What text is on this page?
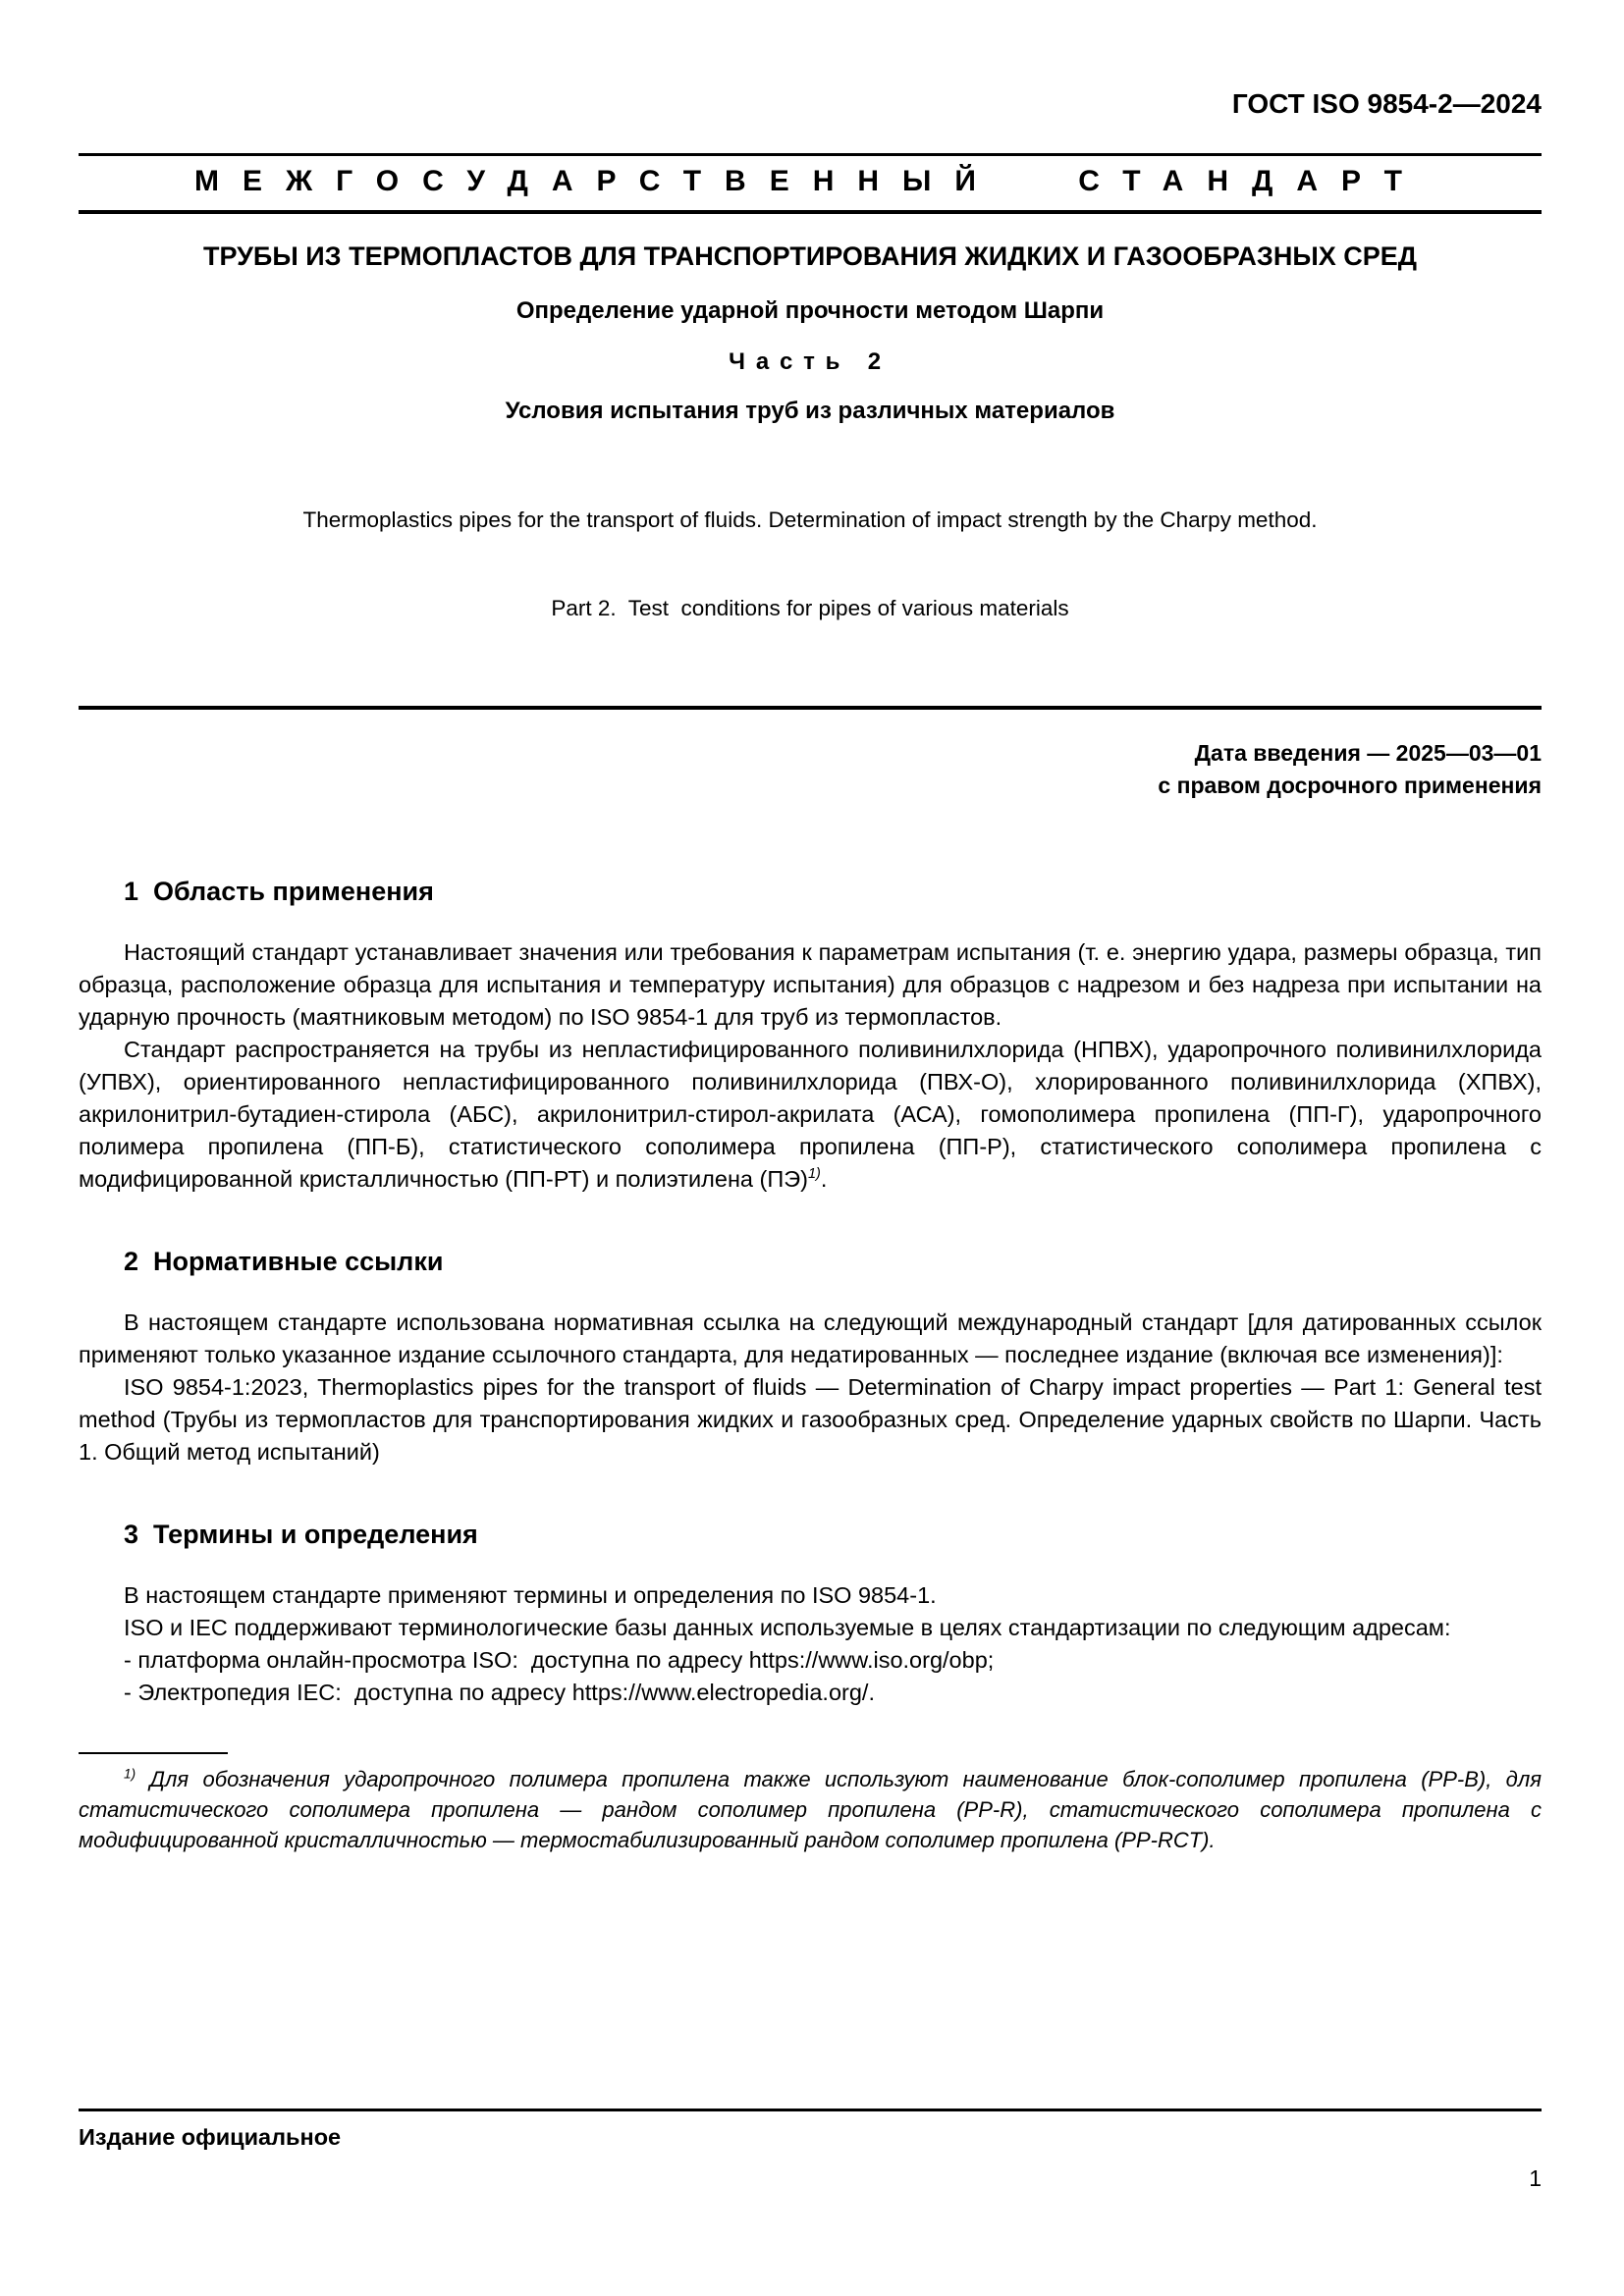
ГОСТ ISO 9854-2—2024
МЕЖГОСУДАРСТВЕННЫЙ СТАНДАРТ
ТРУБЫ ИЗ ТЕРМОПЛАСТОВ ДЛЯ ТРАНСПОРТИРОВАНИЯ ЖИДКИХ И ГАЗООБРАЗНЫХ СРЕД
Определение ударной прочности методом Шарпи
Часть 2
Условия испытания труб из различных материалов

Thermoplastics pipes for the transport of fluids. Determination of impact strength by the Charpy method.

Part 2.  Test  conditions for pipes of various materials

Дата введения — 2025—03—01
с правом досрочного применения
1  Область применения

Настоящий стандарт устанавливает значения или требования к параметрам испытания (т. е. энергию удара, размеры образца, тип образца, расположение образца для испытания и температуру испытания) для образцов с надрезом и без надреза при испытании на ударную прочность (маятниковым методом) по ISO 9854-1 для труб из термопластов.

Стандарт распространяется на трубы из непластифицированного поливинилхлорида (НПВХ), ударопрочного поливинилхлорида (УПВХ), ориентированного непластифицированного поливинилхлорида (ПВХ-О), хлорированного поливинилхлорида (ХПВХ), акрилонитрил-бутадиен-стирола (АБС), акрилонитрил-стирол-акрилата (АСА), гомополимера пропилена (ПП-Г), ударопрочного полимера пропилена (ПП-Б), статистического сополимера пропилена (ПП-Р), статистического сополимера пропилена с модифицированной кристалличностью (ПП-РТ) и полиэтилена (ПЭ)$^{1)}$.

2  Нормативные ссылки

В настоящем стандарте использована нормативная ссылка на следующий международный стандарт [для датированных ссылок применяют только указанное издание ссылочного стандарта, для недатированных — последнее издание (включая все изменения)]:

ISO 9854-1:2023, Thermoplastics pipes for the transport of fluids — Determination of Charpy impact properties — Part 1: General test method (Трубы из термопластов для транспортирования жидких и газообразных сред. Определение ударных свойств по Шарпи. Часть 1. Общий метод испытаний)

3  Термины и определения

В настоящем стандарте применяют термины и определения по ISO 9854-1.

ISO и IEC поддерживают терминологические базы данных используемые в целях стандартизации по следующим адресам:

- платформа онлайн-просмотра ISO:  доступна по адресу https://www.iso.org/obp;
- Электропедия IEC:  доступна по адресу https://www.electropedia.org/.

$^{1)}$ Для обозначения ударопрочного полимера пропилена также используют наименование блок-сополимер пропилена (PP-B), для статистического сополимера пропилена — рандом сополимер пропилена (PP-R), статистического сополимера пропилена с модифицированной кристалличностью — термостабилизированный рандом сополимер пропилена (PP-RCT).

Издание официальное
1
